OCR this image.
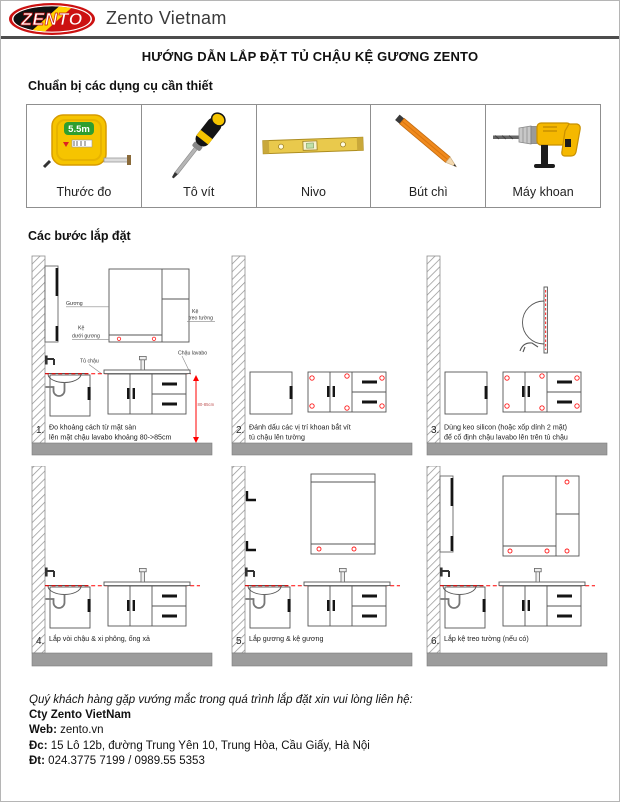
ZENTO Zento Vietnam
HƯỚNG DẪN LẮP ĐẶT TỦ CHẬU KỆ GƯƠNG ZENTO
Chuẩn bị các dụng cụ cần thiết
5.5m
Thước đo	Tô vít	Nivo	Bút chì	Máy khoan
Các bước lắp đặt
Gương
Kệ
treo tường
Kệ
dưới gương
Chậu lavabo
Tủ chậu
80-85cm
1. Đo khoảng cách từ mặt sàn
lên mặt chậu lavabo khoảng 80->85cm
2. Đánh dấu các vị trí khoan bắt vít
tủ chậu lên tường
3. Dùng keo silicon (hoặc xốp dính 2 mặt)
để cố định chậu lavabo lên trên tủ chậu
4. Lắp vòi chậu & xi phông, ống xả	5. Lắp gương & kệ gương	6. Lắp kệ treo tường (nếu có)
Quý khách hàng gặp vướng mắc trong quá trình lắp đặt xin vui lòng liên hệ:
Cty Zento VietNam
Web: zento.vn
Đc: 15 Lô 12b, đường Trung Yên 10, Trung Hòa, Cầu Giấy, Hà Nội
Đt: 024.3775 7199 / 0989.55 5353
